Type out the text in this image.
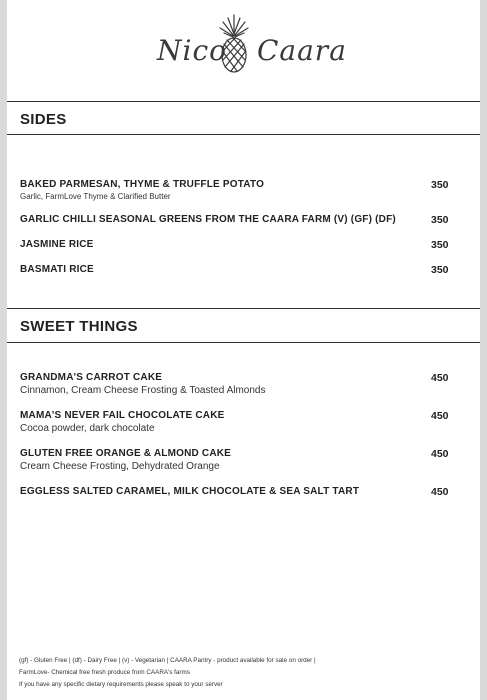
Nico Caara
SIDES
BAKED PARMESAN, THYME & TRUFFLE POTATO	350
Garlic, FarmLove Thyme & Clarified Butter
GARLIC CHILLI SEASONAL GREENS FROM THE CAARA FARM (V) (GF) (DF)	350
JASMINE RICE	350
BASMATI RICE	350
SWEET THINGS
GRANDMA'S CARROT CAKE	450
Cinnamon, Cream Cheese Frosting & Toasted Almonds
MAMA'S NEVER FAIL CHOCOLATE CAKE	450
Cocoa powder, dark chocolate
GLUTEN FREE ORANGE & ALMOND CAKE	450
Cream Cheese Frosting, Dehydrated Orange
EGGLESS SALTED CARAMEL, MILK CHOCOLATE & SEA SALT TART	450
(gf) - Gluten Free | (df) - Dairy Free | (v) - Vegetarian | CAARA Pantry - product available for sale on order |
FarmLove- Chemical free fresh produce from CAARA's farms
If you have any specific dietary requirements please speak to your server
